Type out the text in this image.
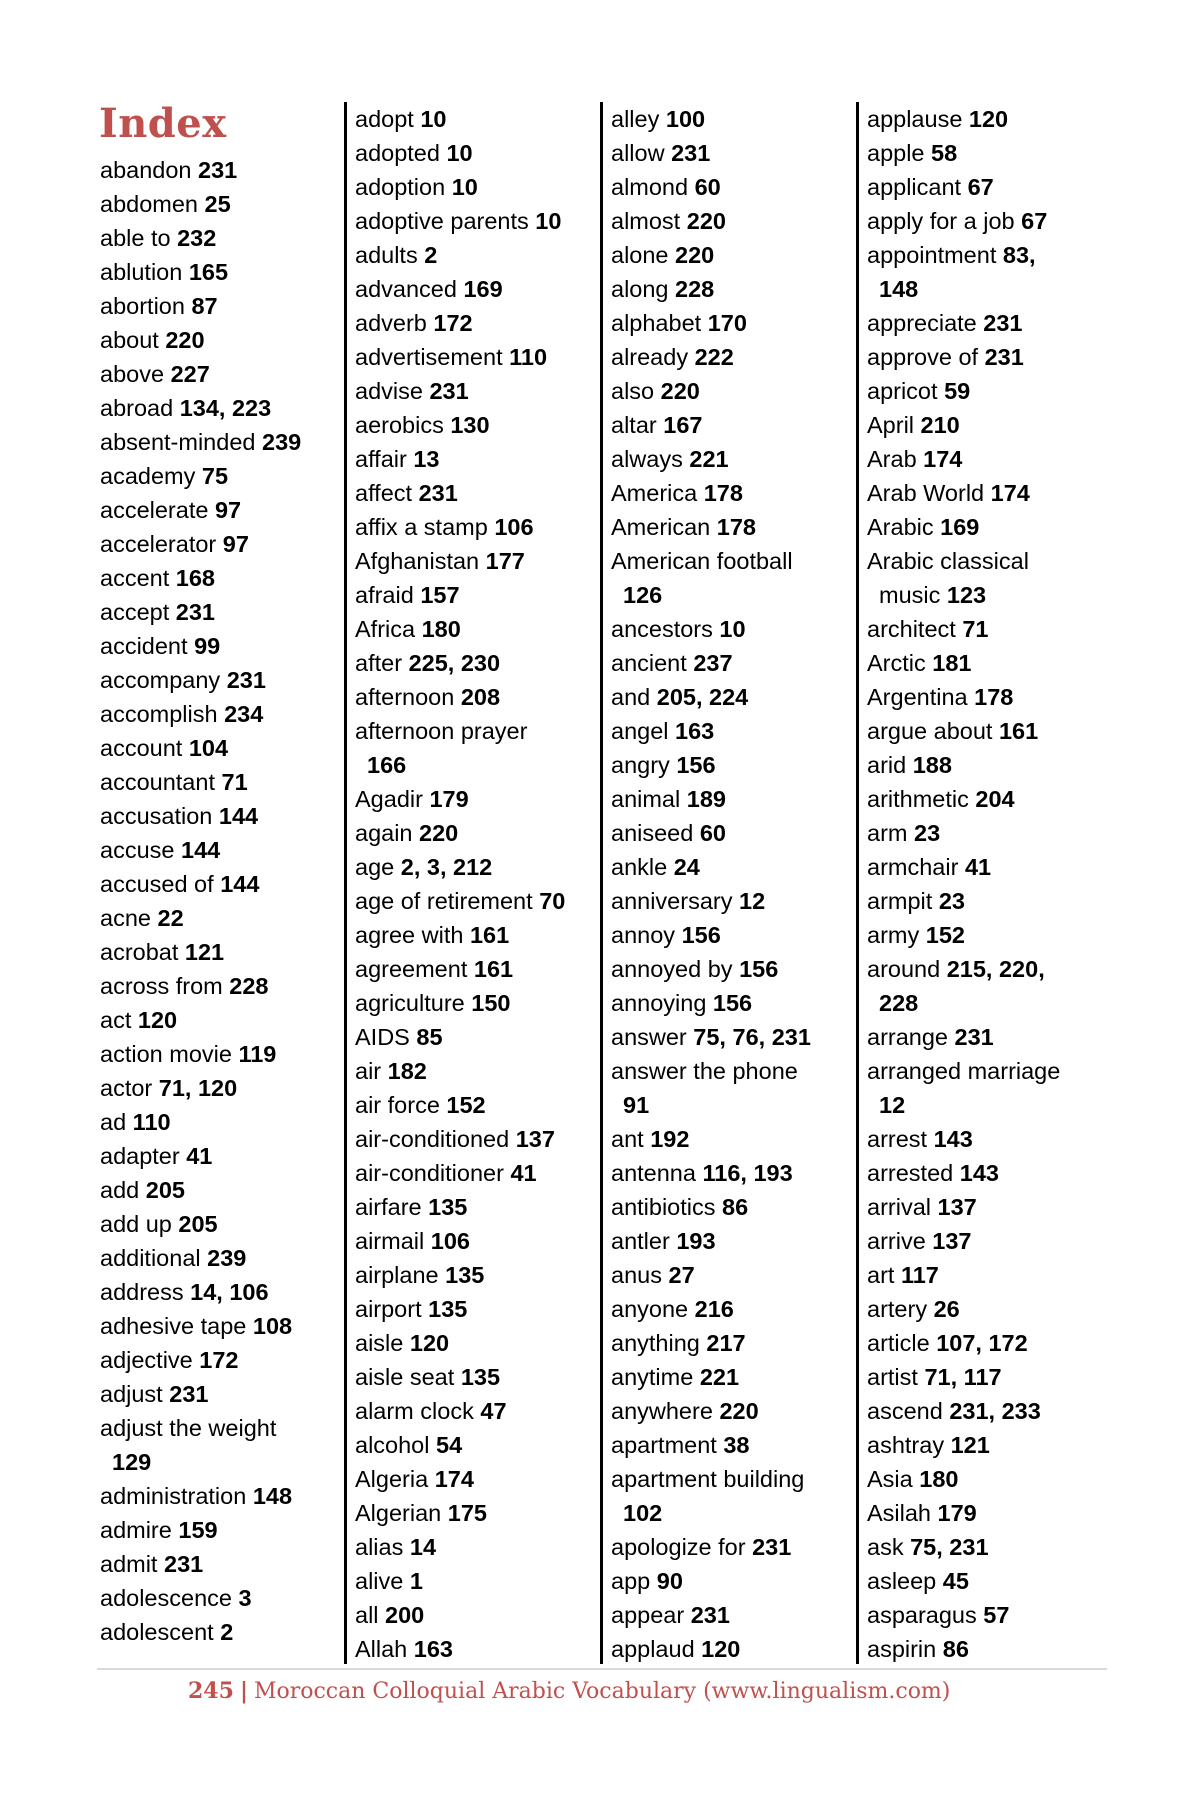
Index
abandon 231
abdomen 25
able to 232
ablution 165
abortion 87
about 220
above 227
abroad 134, 223
absent-minded 239
academy 75
accelerate 97
accelerator 97
accent 168
accept 231
accident 99
accompany 231
accomplish 234
account 104
accountant 71
accusation 144
accuse 144
accused of 144
acne 22
acrobat 121
across from 228
act 120
action movie 119
actor 71, 120
ad 110
adapter 41
add 205
add up 205
additional 239
address 14, 106
adhesive tape 108
adjective 172
adjust 231
adjust the weight
129
administration 148
admire 159
admit 231
adolescence 3
adolescent 2
adopt 10
adopted 10
adoption 10
adoptive parents 10
adults 2
advanced 169
adverb 172
advertisement 110
advise 231
aerobics 130
affair 13
affect 231
affix a stamp 106
Afghanistan 177
afraid 157
Africa 180
after 225, 230
afternoon 208
afternoon prayer
166
Agadir 179
again 220
age 2, 3, 212
age of retirement 70
agree with 161
agreement 161
agriculture 150
AIDS 85
air 182
air force 152
air-conditioned 137
air-conditioner 41
airfare 135
airmail 106
airplane 135
airport 135
aisle 120
aisle seat 135
alarm clock 47
alcohol 54
Algeria 174
Algerian 175
alias 14
alive 1
all 200
Allah 163
alley 100
allow 231
almond 60
almost 220
alone 220
along 228
alphabet 170
already 222
also 220
altar 167
always 221
America 178
American 178
American football
126
ancestors 10
ancient 237
and 205, 224
angel 163
angry 156
animal 189
aniseed 60
ankle 24
anniversary 12
annoy 156
annoyed by 156
annoying 156
answer 75, 76, 231
answer the phone
91
ant 192
antenna 116, 193
antibiotics 86
antler 193
anus 27
anyone 216
anything 217
anytime 221
anywhere 220
apartment 38
apartment building
102
apologize for 231
app 90
appear 231
applaud 120
applause 120
apple 58
applicant 67
apply for a job 67
appointment 83,
148
appreciate 231
approve of 231
apricot 59
April 210
Arab 174
Arab World 174
Arabic 169
Arabic classical
music 123
architect 71
Arctic 181
Argentina 178
argue about 161
arid 188
arithmetic 204
arm 23
armchair 41
armpit 23
army 152
around 215, 220,
228
arrange 231
arranged marriage
12
arrest 143
arrested 143
arrival 137
arrive 137
art 117
artery 26
article 107, 172
artist 71, 117
ascend 231, 233
ashtray 121
Asia 180
Asilah 179
ask 75, 231
asleep 45
asparagus 57
aspirin 86
245 | Moroccan Colloquial Arabic Vocabulary (www.lingualism.com)
